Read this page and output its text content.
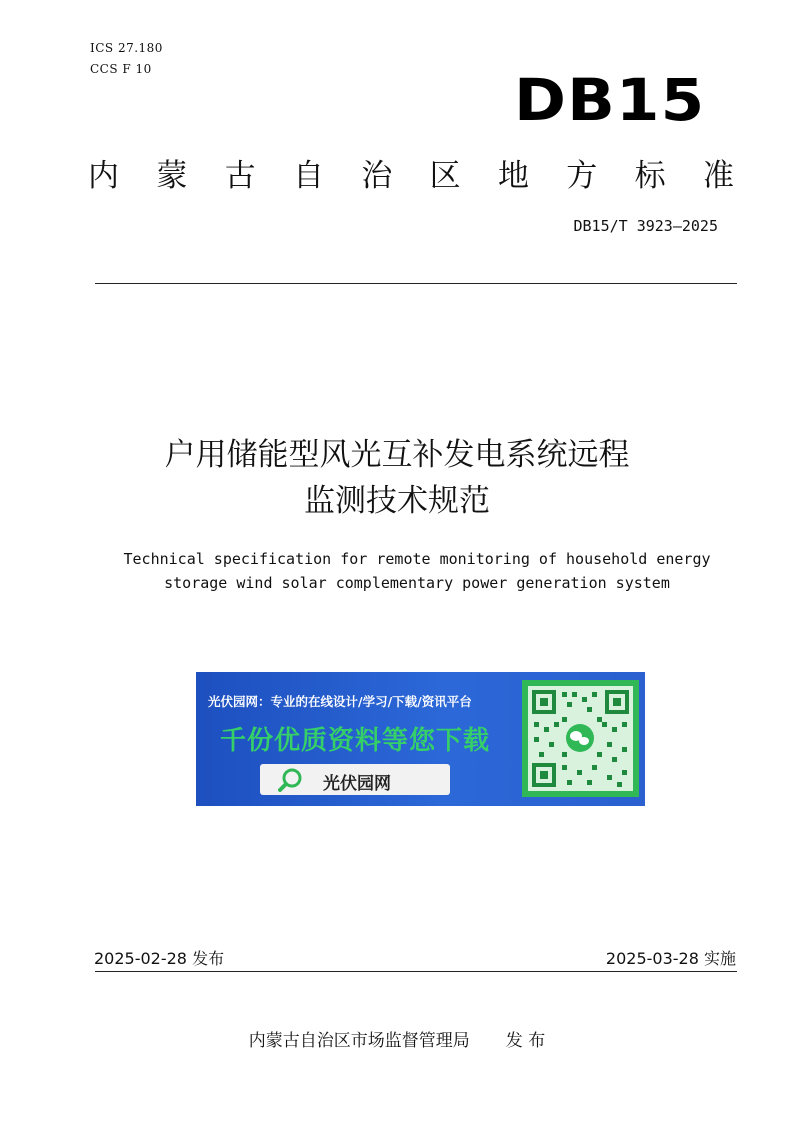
ICS 27.180
CCS F 10	DB15
内 蒙 古 自 治 区 地 方 标 准
DB15/T 3923—2025
户用储能型风光互补发电系统远程
监测技术规范
Technical specification for remote monitoring of household energy
storage wind solar complementary power generation system
光伏园网：专业的在线设计/学习/下载/资讯平台
千份优质资料等您下载
光伏园网
2025-02-28 发布	2025-03-28 实施
内蒙古自治区市场监督管理局 发 布
